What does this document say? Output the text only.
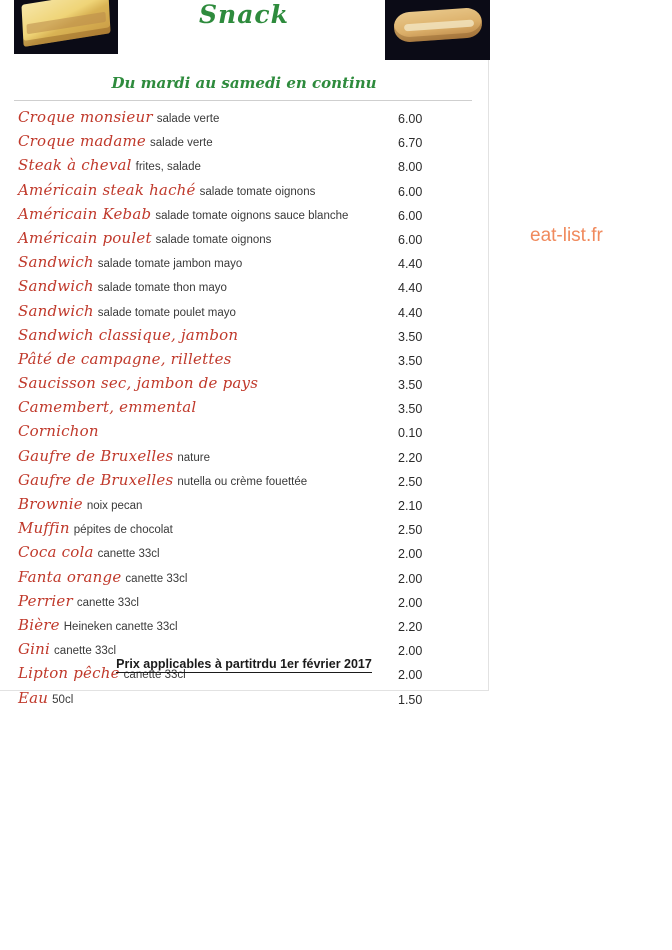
Snack
Du mardi au samedi en continu
Croque monsieur salade verte	6.00
Croque madame salade verte	6.70
Steak à cheval frites, salade	8.00
Américain steak haché salade tomate oignons	6.00
Américain Kebab salade tomate oignons sauce blanche	6.00
Américain poulet salade tomate oignons	6.00
Sandwich salade tomate jambon mayo	4.40
Sandwich salade tomate thon mayo	4.40
Sandwich salade tomate poulet mayo	4.40
Sandwich classique, jambon	3.50
Pâté de campagne, rillettes	3.50
Saucisson sec, jambon de pays	3.50
Camembert, emmental	3.50
Cornichon	0.10
Gaufre de Bruxelles nature	2.20
Gaufre de Bruxelles nutella ou crème fouettée	2.50
Brownie noix pecan	2.10
Muffin pépites de chocolat	2.50
Coca cola canette 33cl	2.00
Fanta orange canette 33cl	2.00
Perrier canette 33cl	2.00
Bière Heineken canette 33cl	2.20
Gini canette 33cl	2.00
Lipton pêche canette 33cl	2.00
Eau 50cl	1.50
Prix applicables à partitrdu 1er février 2017
eat-list.fr
